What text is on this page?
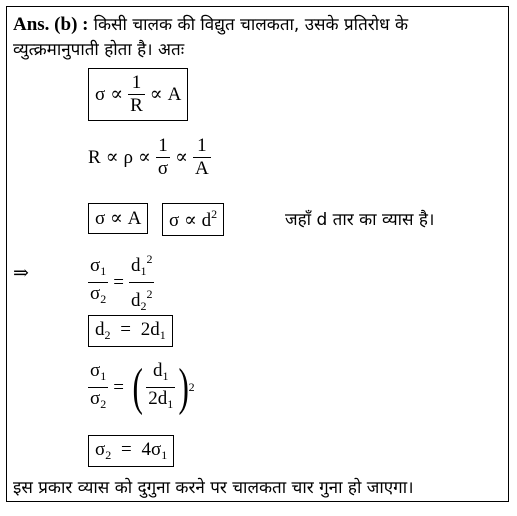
Ans. (b) : किसी चालक की विद्युत चालकता, उसके प्रतिरोध के
व्युत्क्रमानुपाती होता है। अतः
$\sigma \propto \frac{1}{R} \propto A$
$R \propto \rho \propto \frac{1}{\sigma} \propto \frac{1}{A}$
σ ∝ A	$\sigma \propto d^2$	जहाँ d तार का व्यास है।
⇒	$\frac{\sigma_1}{\sigma_2} = \frac{d_1^2}{d_2^2}$
$d_2 = 2d_1$
$\frac{\sigma_1}{\sigma_2}$ = ( $\frac{d_1}{2d_1}$ ) 2
$\sigma_2 = 4\sigma_1$
इस प्रकार व्यास को दुगुना करने पर चालकता चार गुना हो जाएगा।
